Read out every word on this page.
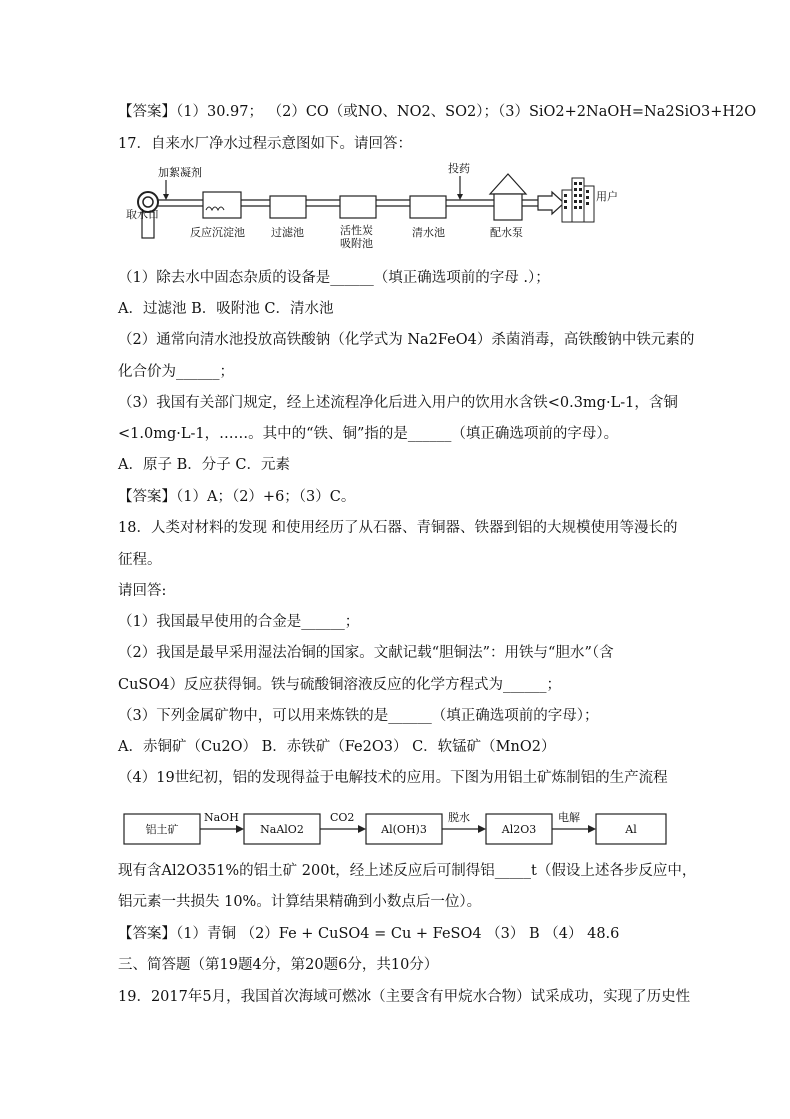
【答案】（1）30.97； （2）CO（或NO、NO2、SO2）；（3）SiO2+2NaOH=Na2SiO3+H2O
17．自来水厂净水过程示意图如下。请回答：
取水口
加絮凝剂
反应沉淀池 过滤池	活性炭
吸附池
清水池
投药
配水泵
用户
（1）除去水中固态杂质的设备是______（填正确选项前的字母 .）；
A．过滤池 B．吸附池 C．清水池
（2）通常向清水池投放高铁酸钠（化学式为 Na2FeO4）杀菌消毒，高铁酸钠中铁元素的
化合价为______；
（3）我国有关部门规定，经上述流程净化后进入用户的饮用水含铁<0.3mg·L-1，含铜
<1.0mg·L-1，……。其中的“铁、铜”指的是______（填正确选项前的字母）。
A．原子 B．分子 C．元素
【答案】（1）A；（2）+6；（3）C。
18．人类对材料的发现 和使用经历了从石器、青铜器、铁器到铝的大规模使用等漫长的
征程。
请回答:
（1）我国最早使用的合金是______；
（2）我国是最早采用湿法冶铜的国家。文献记载“胆铜法”：用铁与“胆水”（含
CuSO4）反应获得铜。铁与硫酸铜溶液反应的化学方程式为______；
（3）下列金属矿物中，可以用来炼铁的是______（填正确选项前的字母）；
A．赤铜矿（Cu2O） B．赤铁矿（Fe2O3） C．软锰矿（MnO2）
（4）19世纪初，铝的发现得益于电解技术的应用。下图为用铝土矿炼制铝的生产流程
铝土矿
NaOH
NaAlO2
CO2
Al(OH)3
脱水
Al2O3
电解
Al
现有含Al2O351%的铝土矿 200t，经上述反应后可制得铝_____t（假设上述各步反应中，
铝元素一共损失 10%。计算结果精确到小数点后一位）。
【答案】（1）青铜 （2）Fe + CuSO4 = Cu + FeSO4 （3） B （4） 48.6
三、简答题（第19题4分，第20题6分，共10分）
19．2017年5月，我国首次海域可燃冰（主要含有甲烷水合物）试采成功，实现了历史性
